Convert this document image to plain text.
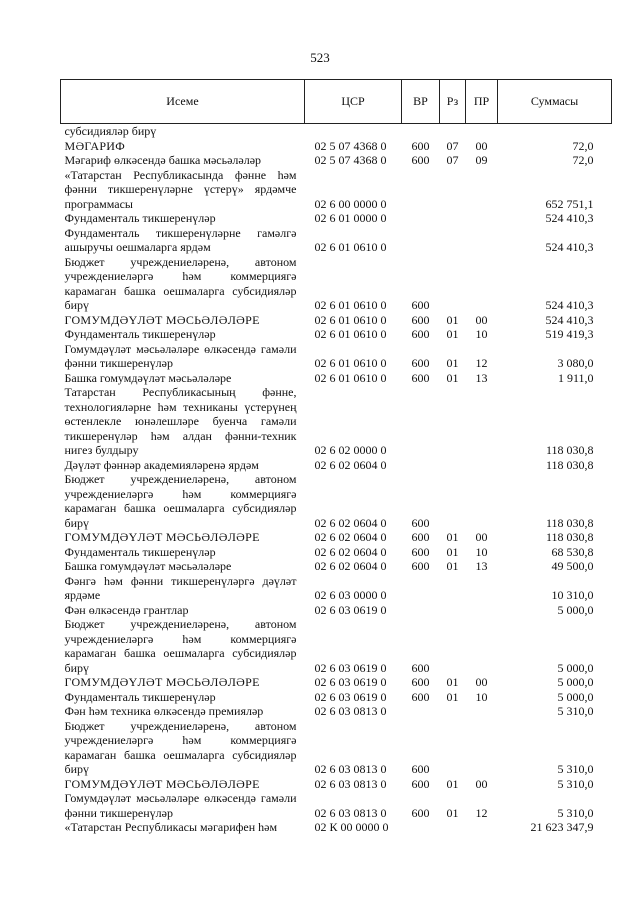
523
Исеме	ЦСР	ВР	Рз	ПР	Суммасы
субсидияләр бирү					
МӘГАРИФ	02 5 07 4368 0	600	07	00	72,0
Мәгариф өлкәсендә башка мәсьәләләр	02 5 07 4368 0	600	07	09	72,0
«Татарстан Республикасында фәнне һәм фәнни тикшеренүләрне үстерү» ярдәмче программасы	02 6 00 0000 0				652 751,1
Фундаменталь тикшеренүләр	02 6 01 0000 0				524 410,3
Фундаменталь тикшеренүләрне гамәлгә ашыручы оешмаларга ярдәм	02 6 01 0610 0				524 410,3
Бюджет учреждениеләренә, автоном учреждениеләргә һәм коммерциягә карамаган башка оешмаларга субсидияләр бирү	02 6 01 0610 0	600			524 410,3
ГОМУМДӘҮЛӘТ МӘСЬӘЛӘЛӘРЕ	02 6 01 0610 0	600	01	00	524 410,3
Фундаменталь тикшеренүләр	02 6 01 0610 0	600	01	10	519 419,3
Гомумдәүләт мәсьәләләре өлкәсендә гамәли фәнни тикшеренүләр	02 6 01 0610 0	600	01	12	3 080,0
Башка гомумдәүләт мәсьәләләре	02 6 01 0610 0	600	01	13	1 911,0
Татарстан Республикасының фәнне, технологияләрне һәм техниканы үстерүнең өстенлекле юнәлешләре буенча гамәли тикшеренүләр һәм алдан фәнни-техник нигез булдыру	02 6 02 0000 0				118 030,8
Дәүләт фәннәр академияләренә ярдәм	02 6 02 0604 0				118 030,8
Бюджет учреждениеләренә, автоном учреждениеләргә һәм коммерциягә карамаган башка оешмаларга субсидияләр бирү	02 6 02 0604 0	600			118 030,8
ГОМУМДӘҮЛӘТ МӘСЬӘЛӘЛӘРЕ	02 6 02 0604 0	600	01	00	118 030,8
Фундаменталь тикшеренүләр	02 6 02 0604 0	600	01	10	68 530,8
Башка гомумдәүләт мәсьәләләре	02 6 02 0604 0	600	01	13	49 500,0
Фәнгә һәм фәнни тикшеренүләргә дәүләт ярдәме	02 6 03 0000 0				10 310,0
Фән өлкәсендә грантлар	02 6 03 0619 0				5 000,0
Бюджет учреждениеләренә, автоном учреждениеләргә һәм коммерциягә карамаган башка оешмаларга субсидияләр бирү	02 6 03 0619 0	600			5 000,0
ГОМУМДӘҮЛӘТ МӘСЬӘЛӘЛӘРЕ	02 6 03 0619 0	600	01	00	5 000,0
Фундаменталь тикшеренүләр	02 6 03 0619 0	600	01	10	5 000,0
Фән һәм техника өлкәсендә премияләр	02 6 03 0813 0				5 310,0
Бюджет учреждениеләренә, автоном учреждениеләргә һәм коммерциягә карамаган башка оешмаларга субсидияләр бирү	02 6 03 0813 0	600			5 310,0
ГОМУМДӘҮЛӘТ МӘСЬӘЛӘЛӘРЕ	02 6 03 0813 0	600	01	00	5 310,0
Гомумдәүләт мәсьәләләре өлкәсендә гамәли фәнни тикшеренүләр	02 6 03 0813 0	600	01	12	5 310,0
«Татарстан Республикасы мәгарифен һәм	02 К 00 0000 0				21 623 347,9
